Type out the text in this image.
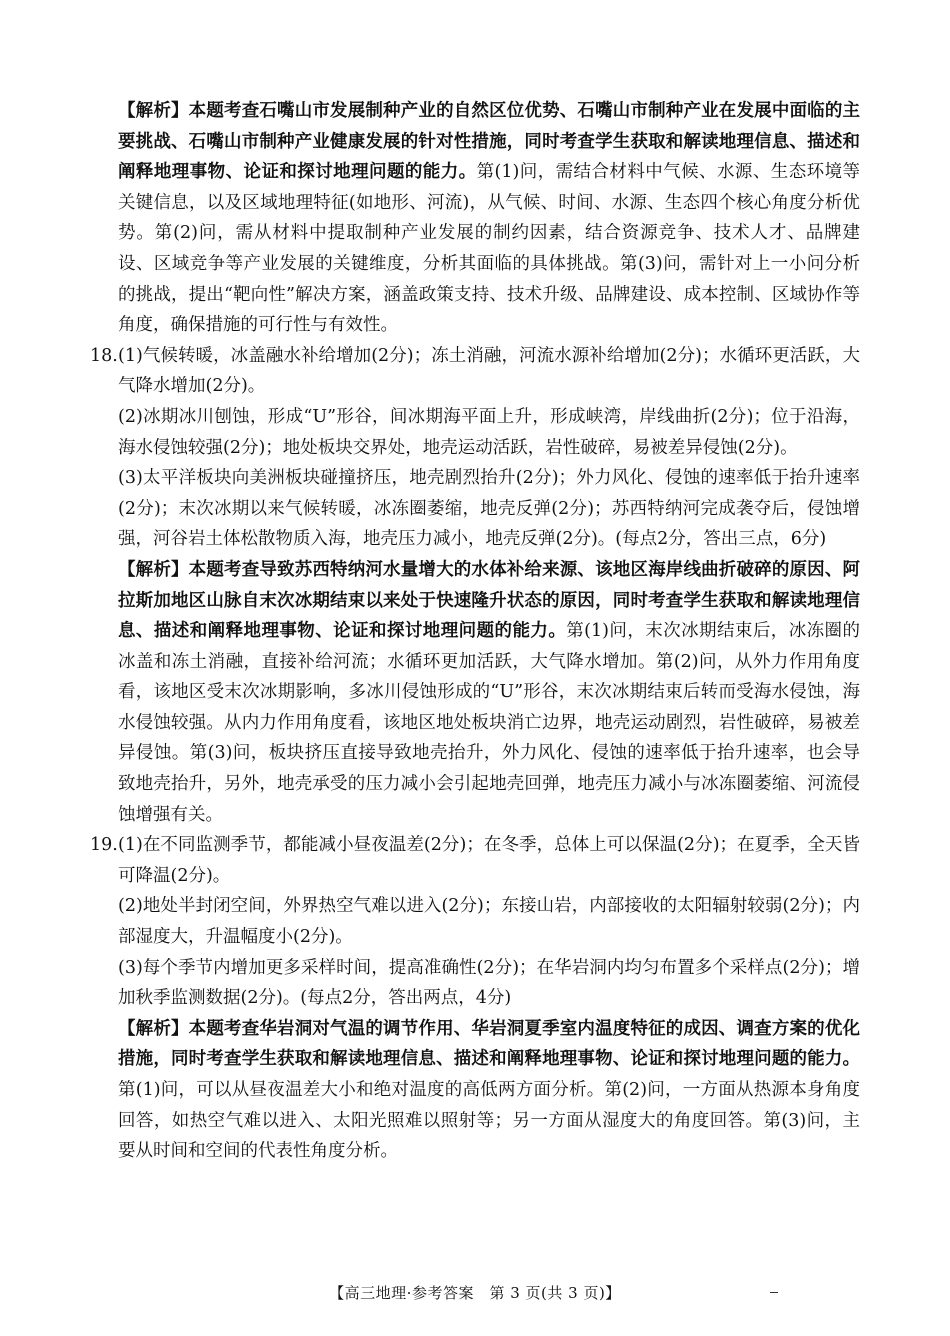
【解析】本题考查石嘴山市发展制种产业的自然区位优势、石嘴山市制种产业在发展中面临的主要挑战、石嘴山市制种产业健康发展的针对性措施，同时考查学生获取和解读地理信息、描述和阐释地理事物、论证和探讨地理问题的能力。第(1)问，需结合材料中气候、水源、生态环境等关键信息，以及区域地理特征(如地形、河流)，从气候、时间、水源、生态四个核心角度分析优势。第(2)问，需从材料中提取制种产业发展的制约因素，结合资源竞争、技术人才、品牌建设、区域竞争等产业发展的关键维度，分析其面临的具体挑战。第(3)问，需针对上一小问分析的挑战，提出“靶向性”解决方案，涵盖政策支持、技术升级、品牌建设、成本控制、区域协作等角度，确保措施的可行性与有效性。

18. (1)气候转暖，冰盖融水补给增加(2分)；冻土消融，河流水源补给增加(2分)；水循环更活跃，大气降水增加(2分)。

(2)冰期冰川刨蚀，形成“U”形谷，间冰期海平面上升，形成峡湾，岸线曲折(2分)；位于沿海，海水侵蚀较强(2分)；地处板块交界处，地壳运动活跃，岩性破碎，易被差异侵蚀(2分)。

(3)太平洋板块向美洲板块碰撞挤压，地壳剧烈抬升(2分)；外力风化、侵蚀的速率低于抬升速率(2分)；末次冰期以来气候转暖，冰冻圈萎缩，地壳反弹(2分)；苏西特纳河完成袭夺后，侵蚀增强，河谷岩土体松散物质入海，地壳压力减小，地壳反弹(2分)。(每点2分，答出三点，6分)

【解析】本题考查导致苏西特纳河水量增大的水体补给来源、该地区海岸线曲折破碎的原因、阿拉斯加地区山脉自末次冰期结束以来处于快速隆升状态的原因，同时考查学生获取和解读地理信息、描述和阐释地理事物、论证和探讨地理问题的能力。第(1)问，末次冰期结束后，冰冻圈的冰盖和冻土消融，直接补给河流；水循环更加活跃，大气降水增加。第(2)问，从外力作用角度看，该地区受末次冰期影响，多冰川侵蚀形成的“U”形谷，末次冰期结束后转而受海水侵蚀，海水侵蚀较强。从内力作用角度看，该地区地处板块消亡边界，地壳运动剧烈，岩性破碎，易被差异侵蚀。第(3)问，板块挤压直接导致地壳抬升，外力风化、侵蚀的速率低于抬升速率，也会导致地壳抬升，另外，地壳承受的压力减小会引起地壳回弹，地壳压力减小与冰冻圈萎缩、河流侵蚀增强有关。

19. (1)在不同监测季节，都能减小昼夜温差(2分)；在冬季，总体上可以保温(2分)；在夏季，全天皆可降温(2分)。

(2)地处半封闭空间，外界热空气难以进入(2分)；东接山岩，内部接收的太阳辐射较弱(2分)；内部湿度大，升温幅度小(2分)。

(3)每个季节内增加更多采样时间，提高准确性(2分)；在华岩洞内均匀布置多个采样点(2分)；增加秋季监测数据(2分)。(每点2分，答出两点，4分)

【解析】本题考查华岩洞对气温的调节作用、华岩洞夏季室内温度特征的成因、调查方案的优化措施，同时考查学生获取和解读地理信息、描述和阐释地理事物、论证和探讨地理问题的能力。第(1)问，可以从昼夜温差大小和绝对温度的高低两方面分析。第(2)问，一方面从热源本身角度回答，如热空气难以进入、太阳光照难以照射等；另一方面从湿度大的角度回答。第(3)问，主要从时间和空间的代表性角度分析。

【高三地理·参考答案　第 3 页(共 3 页)】
